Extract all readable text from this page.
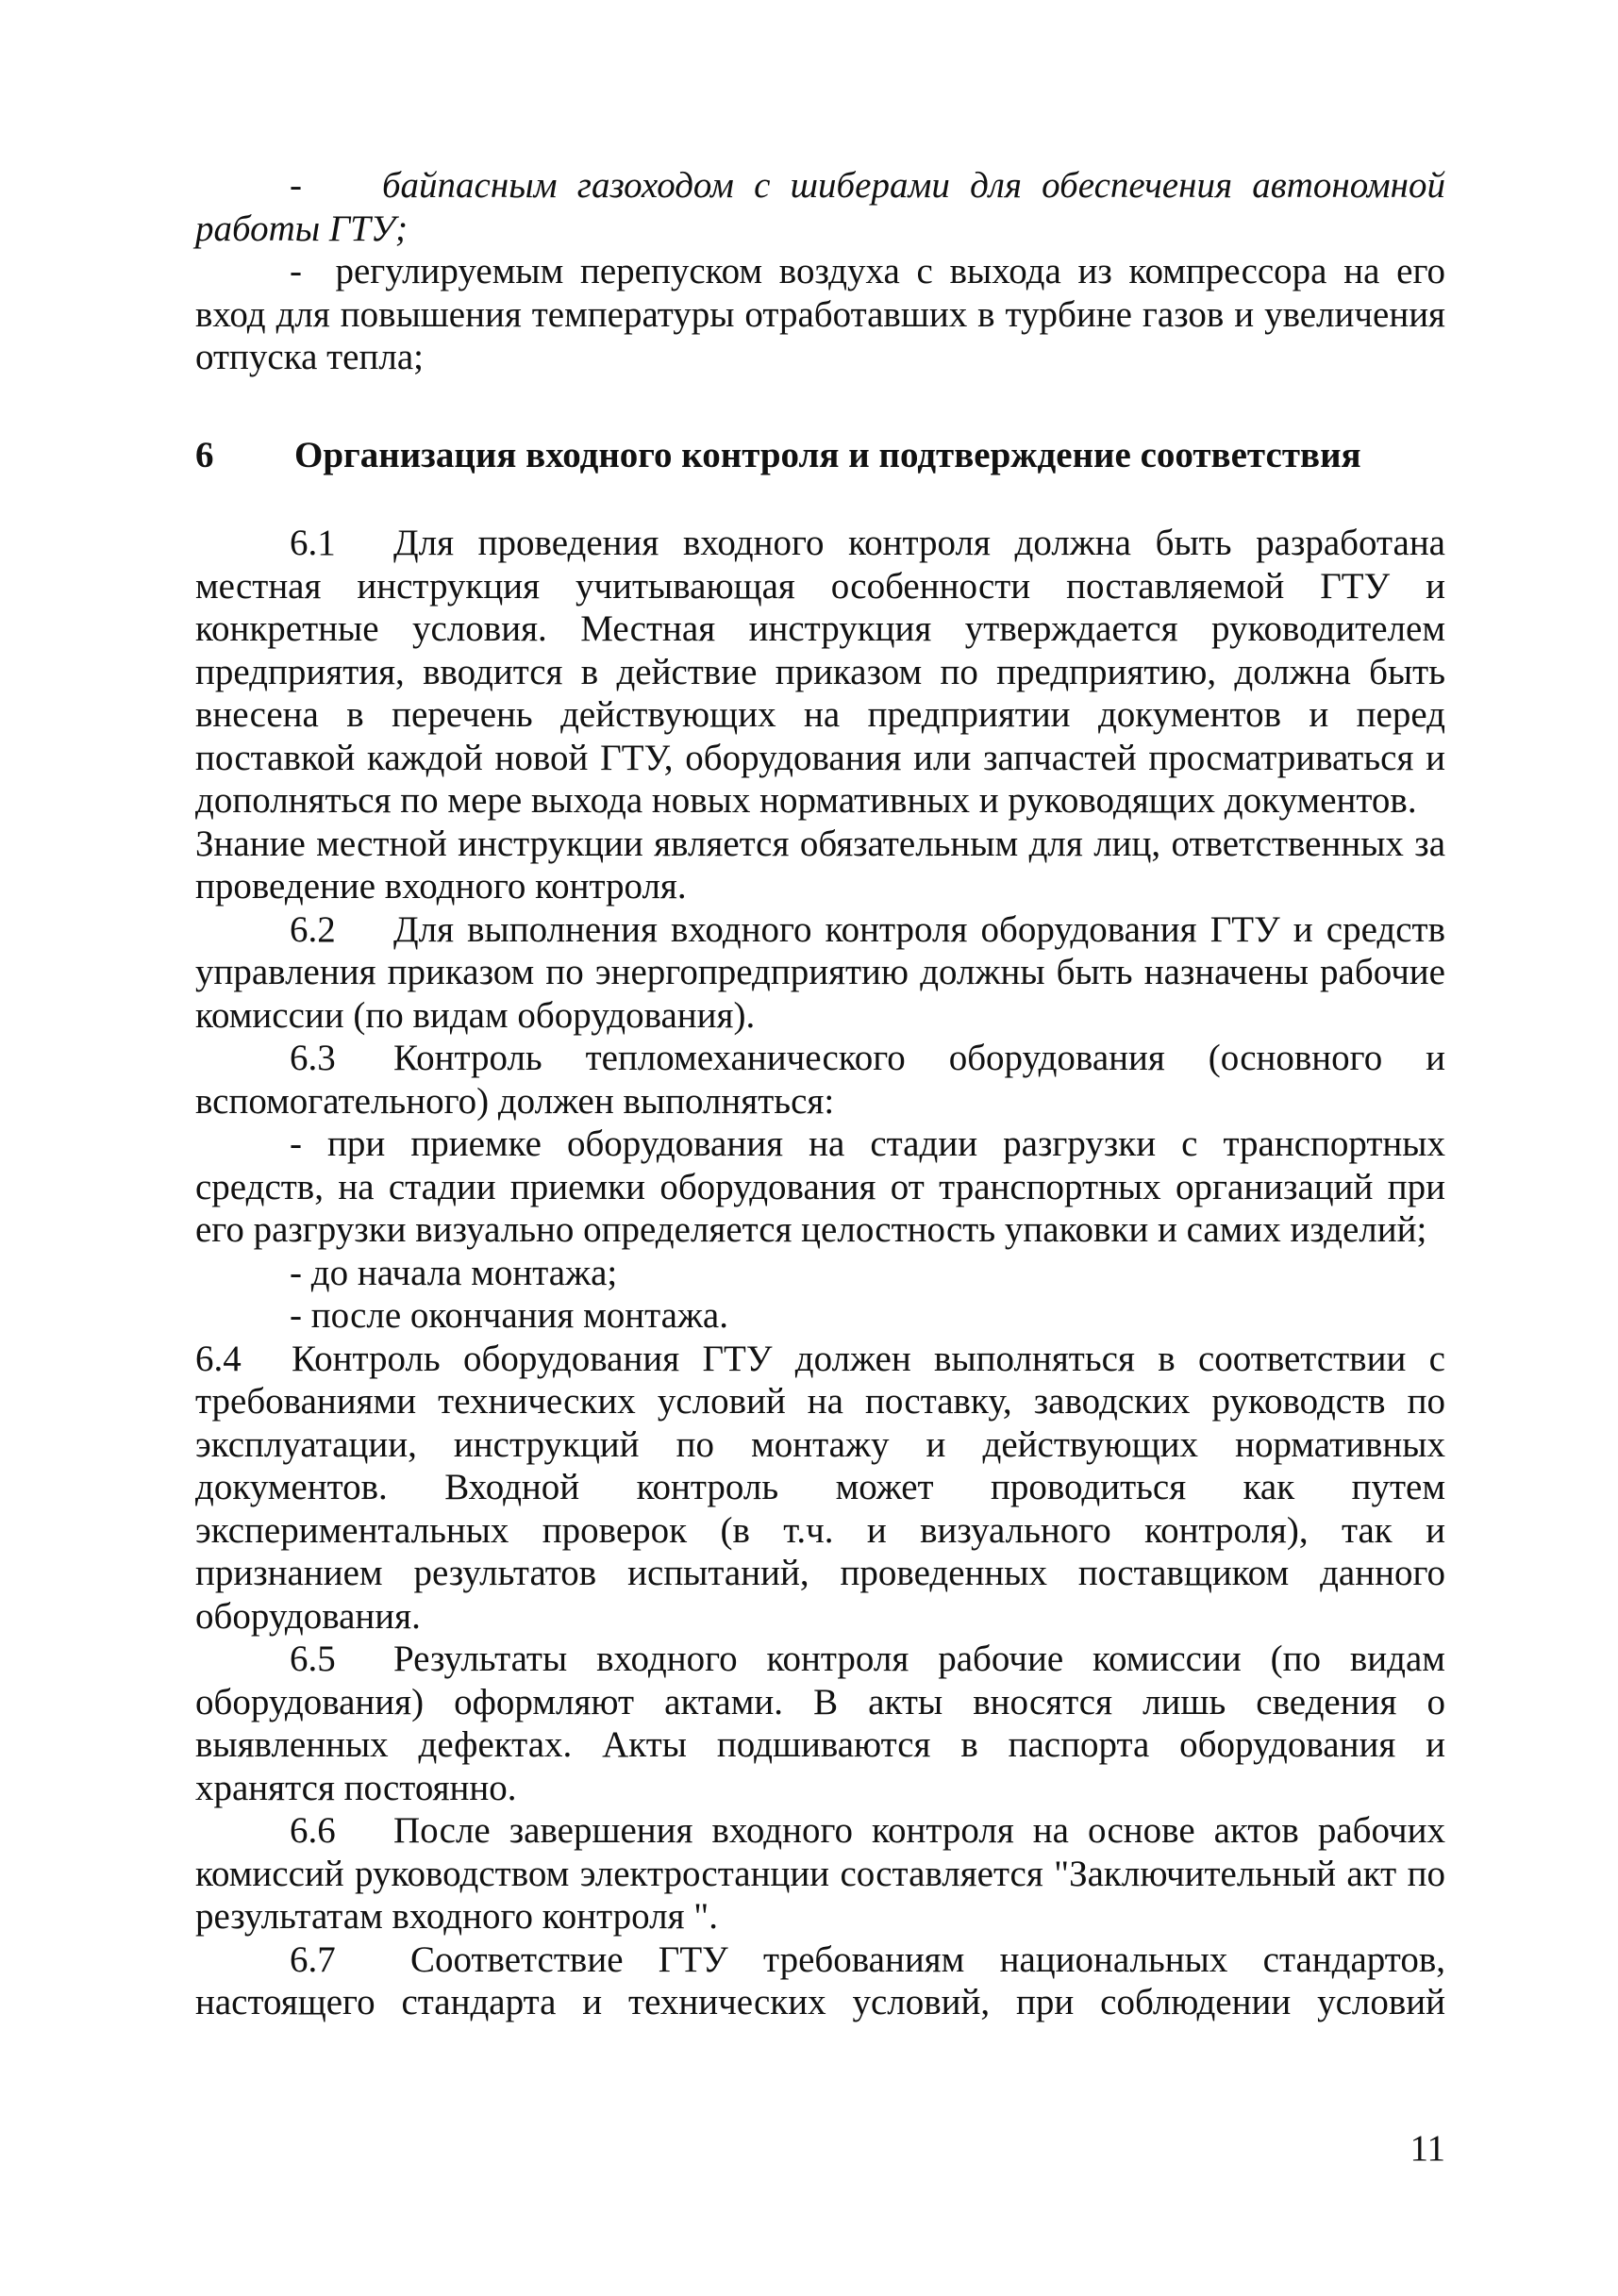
- байпасным газоходом с шиберами для обеспечения автономной работы ГТУ;

- регулируемым перепуском воздуха с выхода из компрессора на его вход для повышения температуры отработавших в турбине газов и увеличения отпуска тепла;

6	Организация входного контроля и подтверждение соответствия

6.1 Для проведения входного контроля должна быть разработана местная инструкция учитывающая особенности поставляемой ГТУ и конкретные условия. Местная инструкция утверждается руководителем предприятия, вводится в действие приказом по предприятию, должна быть внесена в перечень действующих на предприятии документов и перед поставкой каждой новой ГТУ, оборудования или запчастей просматриваться и дополняться по мере выхода новых нормативных и руководящих документов.

Знание местной инструкции является обязательным для лиц, ответственных за проведение входного контроля.

6.2 Для выполнения входного контроля оборудования ГТУ и средств управления приказом по энергопредприятию должны быть назначены рабочие комиссии (по видам оборудования).

6.3 Контроль тепломеханического оборудования (основного и вспомогательного) должен выполняться:

- при приемке оборудования на стадии разгрузки с транспортных средств, на стадии приемки оборудования от транспортных организаций при его разгрузки визуально определяется целостность упаковки и самих изделий;

- до начала монтажа;

- после окончания монтажа.

6.4 Контроль оборудования ГТУ должен выполняться в соответствии с требованиями технических условий на поставку, заводских руководств по эксплуатации, инструкций по монтажу и действующих нормативных документов. Входной контроль может проводиться как путем экспериментальных проверок (в т.ч. и визуального контроля), так и признанием результатов испытаний, проведенных поставщиком данного оборудования.

6.5 Результаты входного контроля рабочие комиссии (по видам оборудования) оформляют актами. В акты вносятся лишь сведения о выявленных дефектах. Акты подшиваются в паспорта оборудования и хранятся постоянно.

6.6 После завершения входного контроля на основе актов рабочих комиссий руководством электростанции составляется "Заключительный акт по результатам входного контроля ".

6.7 Соответствие ГТУ требованиям национальных стандартов, настоящего стандарта и технических условий, при соблюдении условий

11
